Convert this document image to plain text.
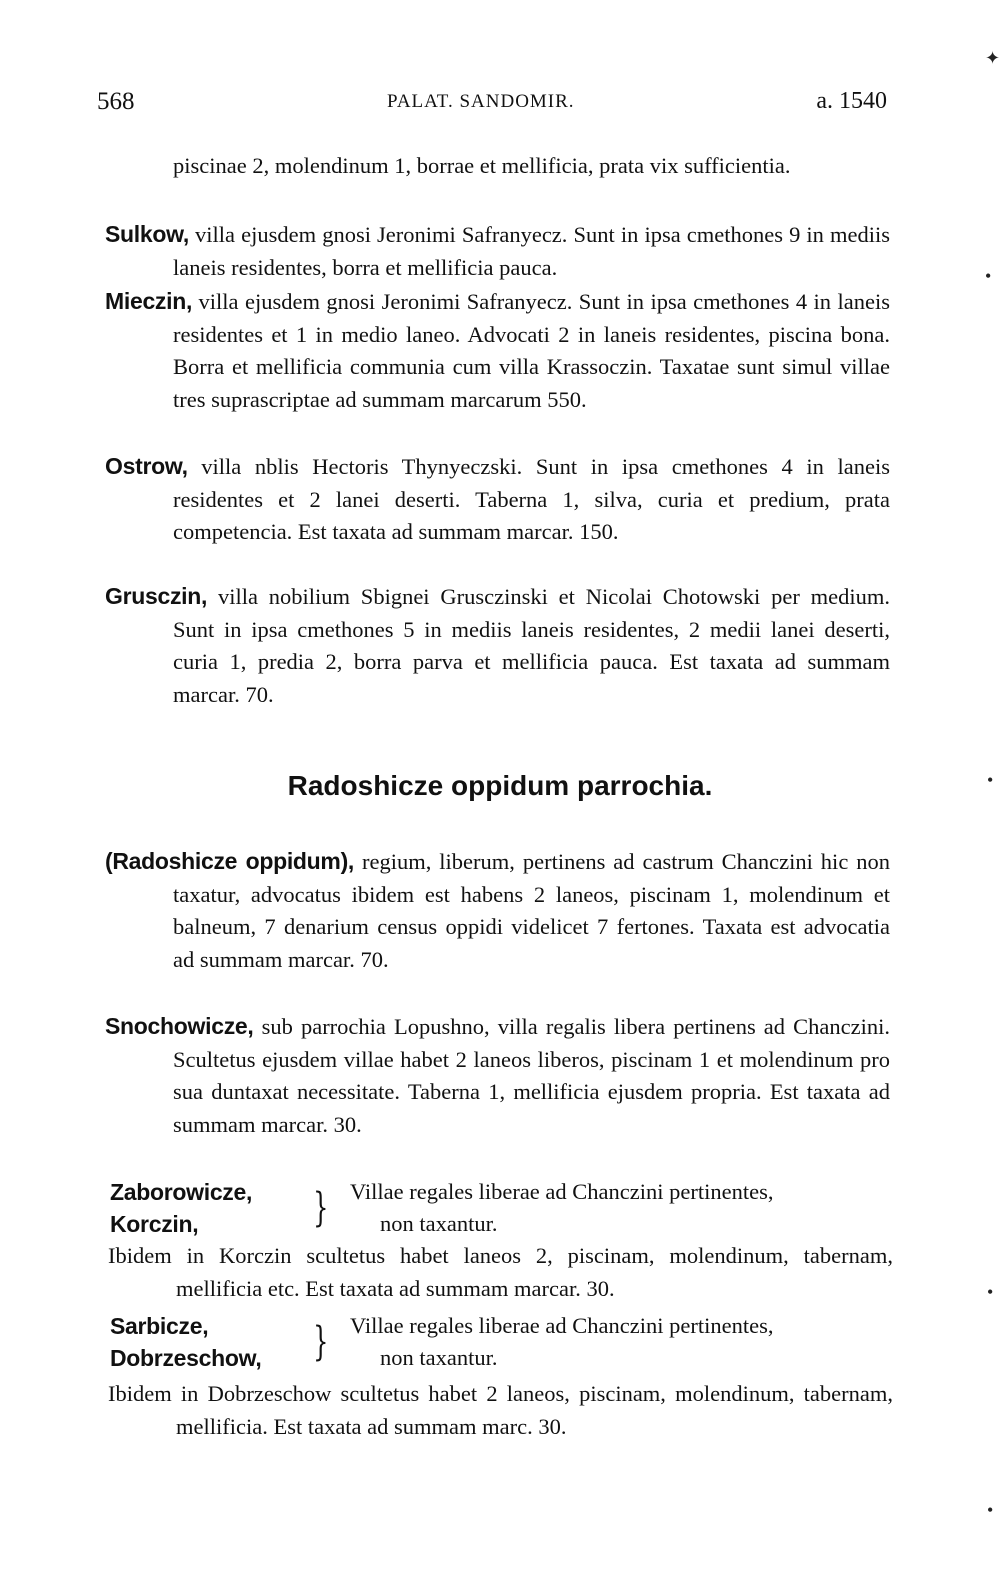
568	PALAT. SANDOMIR.	a. 1540

piscinae 2, molendinum 1, borrae et mellificia, prata vix sufficientia.

Sulkow, villa ejusdem gnosi Jeronimi Safranyecz. Sunt in ipsa cmethones 9 in mediis laneis residentes, borra et mellificia pauca.

Mieczin, villa ejusdem gnosi Jeronimi Safranyecz. Sunt in ipsa cmethones 4 in laneis residentes et 1 in medio laneo. Advocati 2 in laneis residentes, piscina bona. Borra et mellificia communia cum villa Krassoczin. Taxatae sunt simul villae tres suprascriptae ad summam marcarum 550.

Ostrow, villa nblis Hectoris Thynyeczski. Sunt in ipsa cmethones 4 in laneis residentes et 2 lanei deserti. Taberna 1, silva, curia et predium, prata competencia. Est taxata ad summam marcar. 150.

Grusczin, villa nobilium Sbignei Grusczinski et Nicolai Chotowski per medium. Sunt in ipsa cmethones 5 in mediis laneis residentes, 2 medii lanei deserti, curia 1, predia 2, borra parva et mellificia pauca. Est taxata ad summam marcar. 70.

Radoshicze oppidum parrochia.

(Radoshicze oppidum), regium, liberum, pertinens ad castrum Chanczini hic non taxatur, advocatus ibidem est habens 2 laneos, piscinam 1, molendinum et balneum, 7 denarium census oppidi videlicet 7 fertones. Taxata est advocatia ad summam marcar. 70.

Snochowicze, sub parrochia Lopushno, villa regalis libera pertinens ad Chanczini. Scultetus ejusdem villae habet 2 laneos liberos, piscinam 1 et molendinum pro sua duntaxat necessitate. Taberna 1, mellificia ejusdem propria. Est taxata ad summam marcar. 30.

Zaborowicze,
Korczin,	} Villae regales liberae ad Chanczini pertinentes,
non taxantur.

Ibidem in Korczin scultetus habet laneos 2, piscinam, molendinum, tabernam, mellificia etc. Est taxata ad summam marcar. 30.

Sarbicze,
Dobrzeschow, } Villae regales liberae ad Chanczini pertinentes,
non taxantur.

Ibidem in Dobrzeschow scultetus habet 2 laneos, piscinam, molendinum, tabernam, mellificia. Est taxata ad summam marc. 30.

✦
•
•
•
•
